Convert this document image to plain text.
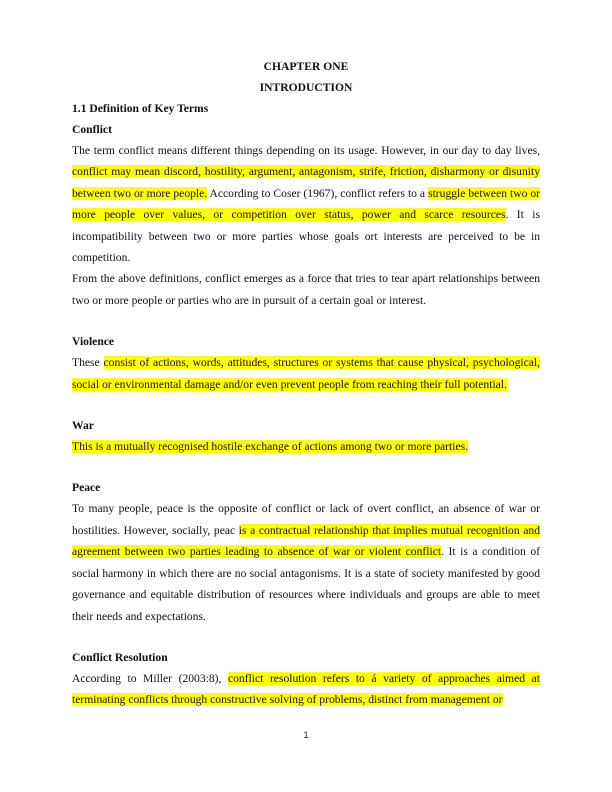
CHAPTER ONE

INTRODUCTION

1.1 Definition of Key Terms

Conflict

The term conflict means different things depending on its usage. However, in our day to day lives, conflict may mean discord, hostility, argument, antagonism, strife, friction, disharmony or disunity between two or more people. According to Coser (1967), conflict refers to a struggle between two or more people over values, or competition over status, power and scarce resources. It is incompatibility between two or more parties whose goals ort interests are perceived to be in competition.

From the above definitions, conflict emerges as a force that tries to tear apart relationships between two or more people or parties who are in pursuit of a certain goal or interest.

Violence

These consist of actions, words, attitudes, structures or systems that cause physical, psychological, social or environmental damage and/or even prevent people from reaching their full potential.

War

This is a mutually recognised hostile exchange of actions among two or more parties.

Peace

To many people, peace is the opposite of conflict or lack of overt conflict, an absence of war or hostilities. However, socially, peac is a contractual relationship that implies mutual recognition and agreement between two parties leading to absence of war or violent conflict. It is a condition of social harmony in which there are no social antagonisms. It is a state of society manifested by good governance and equitable distribution of resources where individuals and groups are able to meet their needs and expectations.

Conflict Resolution

According to Miller (2003:8), conflict resolution refers to á variety of approaches aimed at terminating conflicts through constructive solving of problems, distinct from management or

1
